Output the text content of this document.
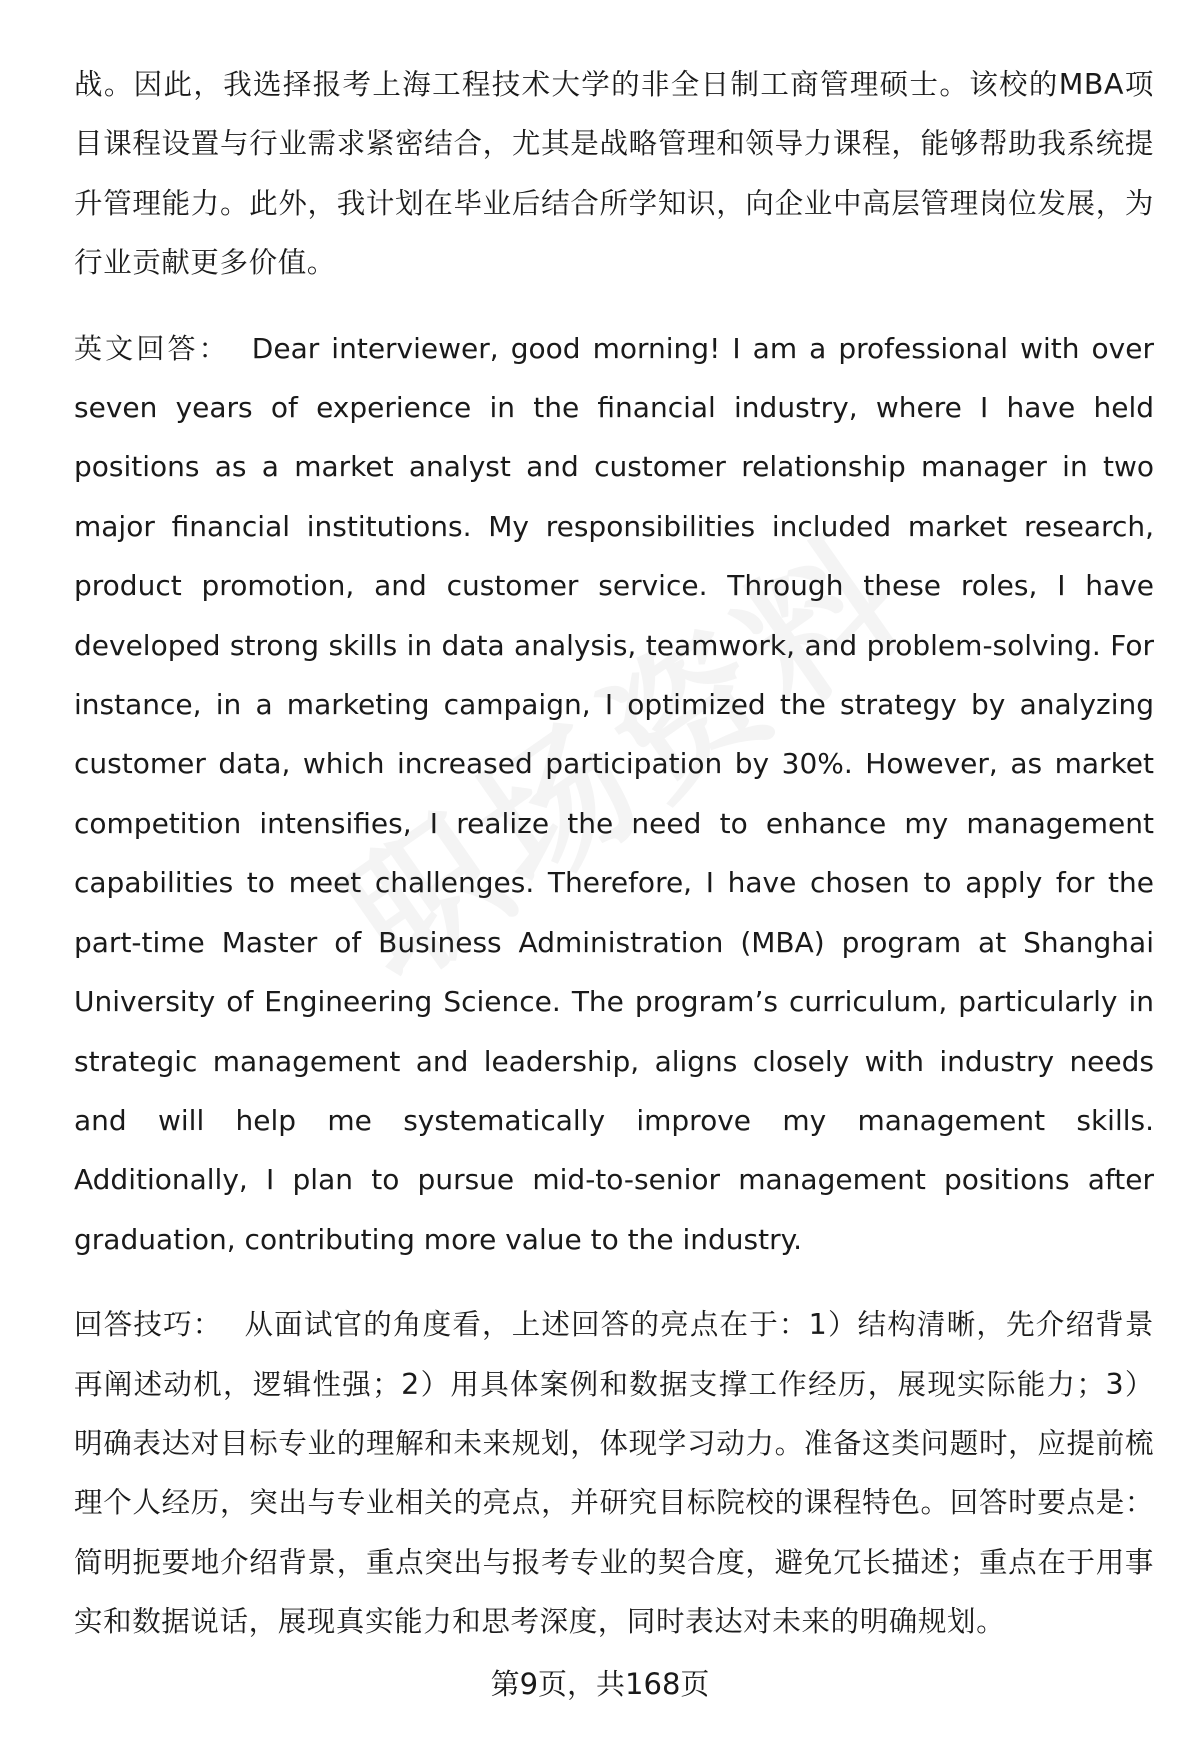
战。因此，我选择报考上海工程技术大学的非全日制工商管理硕士。该校的MBA项目课程设置与行业需求紧密结合，尤其是战略管理和领导力课程，能够帮助我系统提升管理能力。此外，我计划在毕业后结合所学知识，向企业中高层管理岗位发展，为行业贡献更多价值。

英文回答： Dear interviewer, good morning! I am a professional with over seven years of experience in the financial industry, where I have held positions as a market analyst and customer relationship manager in two major financial institutions. My responsibilities included market research, product promotion, and customer service. Through these roles, I have developed strong skills in data analysis, teamwork, and problem-solving. For instance, in a marketing campaign, I optimized the strategy by analyzing customer data, which increased participation by 30%. However, as market competition intensifies, I realize the need to enhance my management capabilities to meet challenges. Therefore, I have chosen to apply for the part-time Master of Business Administration (MBA) program at Shanghai University of Engineering Science. The program’s curriculum, particularly in strategic management and leadership, aligns closely with industry needs and will help me systematically improve my management skills. Additionally, I plan to pursue mid-to-senior management positions after graduation, contributing more value to the industry.

回答技巧： 从面试官的角度看，上述回答的亮点在于：1）结构清晰，先介绍背景再阐述动机，逻辑性强；2）用具体案例和数据支撑工作经历，展现实际能力；3）明确表达对目标专业的理解和未来规划，体现学习动力。准备这类问题时，应提前梳理个人经历，突出与专业相关的亮点，并研究目标院校的课程特色。回答时要点是：简明扼要地介绍背景，重点突出与报考专业的契合度，避免冗长描述；重点在于用事实和数据说话，展现真实能力和思考深度，同时表达对未来的明确规划。

第9页，共168页
